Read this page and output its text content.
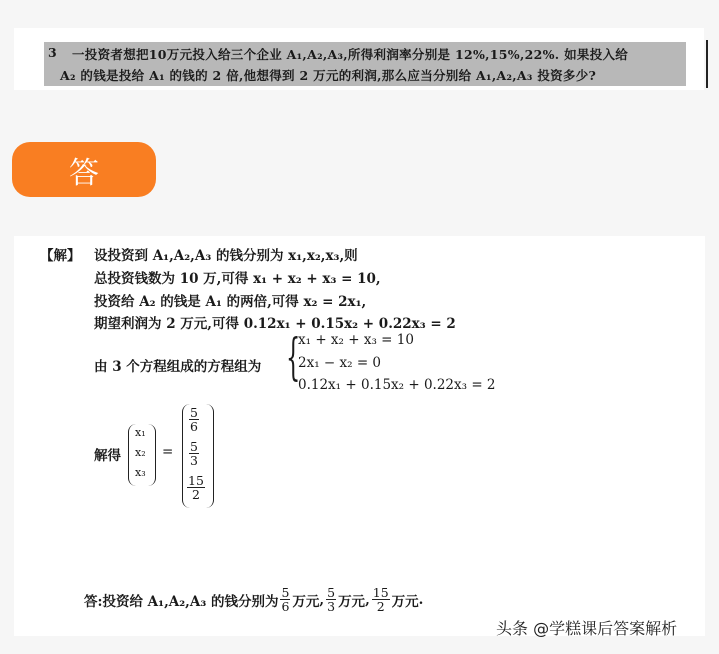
3 一投资者想把10万元投入给三个企业 A₁,A₂,A₃,所得利润率分别是 12%,15%,22%. 如果投入给
A₂ 的钱是投给 A₁ 的钱的 2 倍,他想得到 2 万元的利润,那么应当分别给 A₁,A₂,A₃ 投资多少?
答
【解】 设投资到 A₁,A₂,A₃ 的钱分别为 x₁,x₂,x₃,则
总投资钱数为 10 万,可得 x₁ + x₂ + x₃ = 10,
投资给 A₂ 的钱是 A₁ 的两倍,可得 x₂ = 2x₁,
期望利润为 2 万元,可得 0.12x₁ + 0.15x₂ + 0.22x₃ = 2
由 3 个方程组成的方程组为 {
x₁ + x₂ + x₃ = 10
2x₁ − x₂ = 0
0.12x₁ + 0.15x₂ + 0.22x₃ = 2
解得
x₁
x₂
x₃
=
$\frac{5}{6}$
$\frac{5}{3}$
$\frac{15}{2}$
答:投资给 A₁,A₂,A₃ 的钱分别为 $\frac{5}{6}$ 万元 , $\frac{5}{3}$ 万元 , $\frac{15}{2}$ 万元 .
头条 @学糕课后答案解析
